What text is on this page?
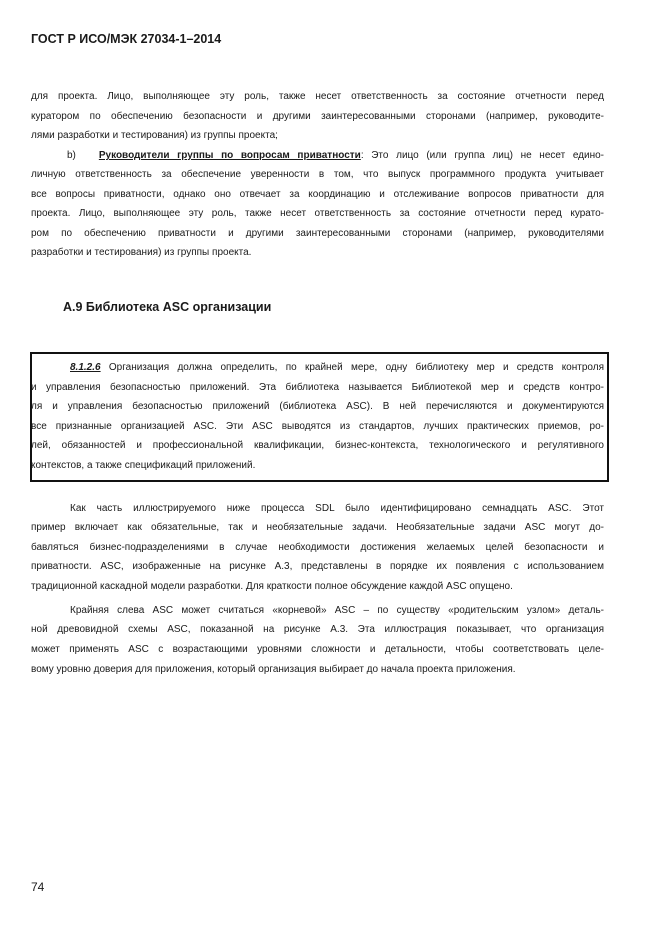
ГОСТ Р ИСО/МЭК 27034-1–2014
для проекта. Лицо, выполняющее эту роль, также несет ответственность за состояние отчетности перед
куратором по обеспечению безопасности и другими заинтересованными сторонами (например, руководите-
лями разработки и тестирования) из группы проекта;
b) Руководители группы по вопросам приватности: Это лицо (или группа лиц) не несет едино-
личную ответственность за обеспечение уверенности в том, что выпуск программного продукта учитывает
все вопросы приватности, однако оно отвечает за координацию и отслеживание вопросов приватности для
проекта. Лицо, выполняющее эту роль, также несет ответственность за состояние отчетности перед курато-
ром по обеспечению приватности и другими заинтересованными сторонами (например, руководителями
разработки и тестирования) из группы проекта.
A.9 Библиотека ASC организации
8.1.2.6 Организация должна определить, по крайней мере, одну библиотеку мер и средств контроля
и управления безопасностью приложений. Эта библиотека называется Библиотекой мер и средств контро-
ля и управления безопасностью приложений (библиотека ASC). В ней перечисляются и документируются
все признанные организацией ASC. Эти ASC выводятся из стандартов, лучших практических приемов, ро-
лей, обязанностей и профессиональной квалификации, бизнес-контекста, технологического и регулятивного
контекстов, а также спецификаций приложений.
Как часть иллюстрируемого ниже процесса SDL было идентифицировано семнадцать ASC. Этот
пример включает как обязательные, так и необязательные задачи. Необязательные задачи ASC могут до-
бавляться бизнес-подразделениями в случае необходимости достижения желаемых целей безопасности и
приватности. ASC, изображенные на рисунке A.3, представлены в порядке их появления с использованием
традиционной каскадной модели разработки. Для краткости полное обсуждение каждой ASC опущено.
Крайняя слева ASC может считаться «корневой» ASC – по существу «родительским узлом» деталь-
ной древовидной схемы ASC, показанной на рисунке A.3. Эта иллюстрация показывает, что организация
может применять ASC с возрастающими уровнями сложности и детальности, чтобы соответствовать целе-
вому уровню доверия для приложения, который организация выбирает до начала проекта приложения.
74
